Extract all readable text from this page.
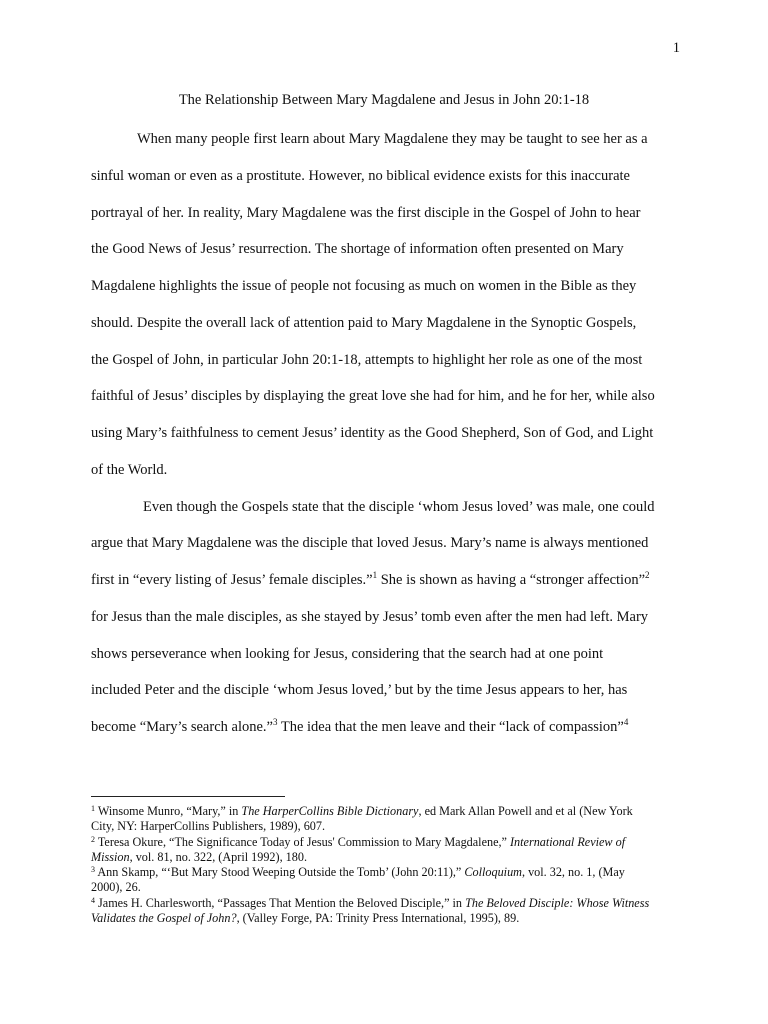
1
The Relationship Between Mary Magdalene and Jesus in John 20:1-18

When many people first learn about Mary Magdalene they may be taught to see her as a
sinful woman or even as a prostitute. However, no biblical evidence exists for this inaccurate
portrayal of her. In reality, Mary Magdalene was the first disciple in the Gospel of John to hear
the Good News of Jesus’ resurrection. The shortage of information often presented on Mary
Magdalene highlights the issue of people not focusing as much on women in the Bible as they
should. Despite the overall lack of attention paid to Mary Magdalene in the Synoptic Gospels,
the Gospel of John, in particular John 20:1-18, attempts to highlight her role as one of the most
faithful of Jesus’ disciples by displaying the great love she had for him, and he for her, while also
using Mary’s faithfulness to cement Jesus’ identity as the Good Shepherd, Son of God, and Light
of the World.

Even though the Gospels state that the disciple ‘whom Jesus loved’ was male, one could
argue that Mary Magdalene was the disciple that loved Jesus. Mary’s name is always mentioned
first in “every listing of Jesus’ female disciples.”$^1$ She is shown as having a “stronger affection”$^2$
for Jesus than the male disciples, as she stayed by Jesus’ tomb even after the men had left. Mary
shows perseverance when looking for Jesus, considering that the search had at one point
included Peter and the disciple ‘whom Jesus loved,’ but by the time Jesus appears to her, has
become “Mary’s search alone.”$^3$ The idea that the men leave and their “lack of compassion”$^4$

$^1$ Winsome Munro, “Mary,” in The HarperCollins Bible Dictionary, ed Mark Allan Powell and et al (New York
City, NY: HarperCollins Publishers, 1989), 607.
$^2$ Teresa Okure, “The Significance Today of Jesus' Commission to Mary Magdalene,” International Review of
Mission, vol. 81, no. 322, (April 1992), 180.
$^3$ Ann Skamp, “‘But Mary Stood Weeping Outside the Tomb’ (John 20:11),” Colloquium, vol. 32, no. 1, (May
2000), 26.
$^4$ James H. Charlesworth, “Passages That Mention the Beloved Disciple,” in The Beloved Disciple: Whose Witness
Validates the Gospel of John?, (Valley Forge, PA: Trinity Press International, 1995), 89.
